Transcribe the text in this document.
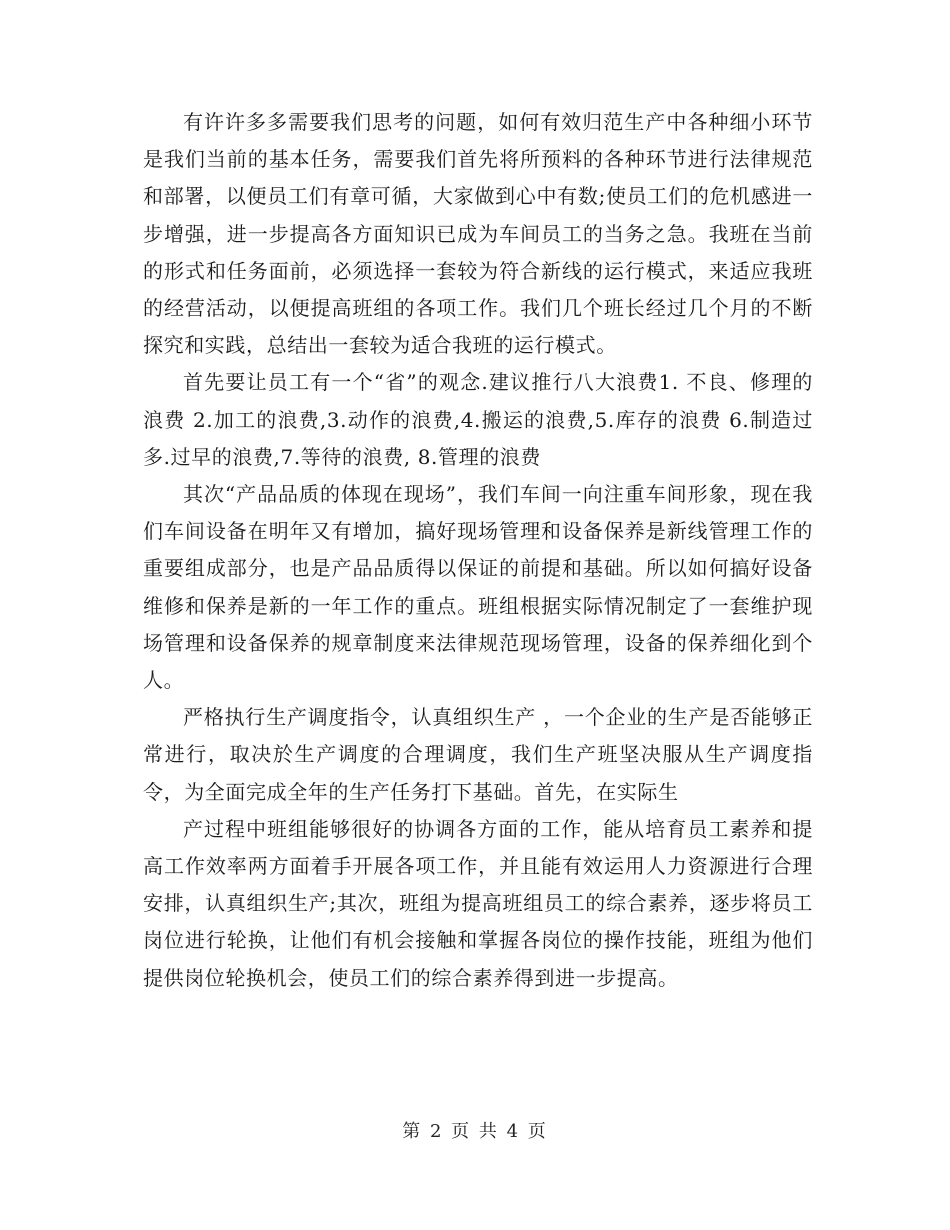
有许许多多需要我们思考的问题，如何有效归范生产中各种细小环节是我们当前的基本任务，需要我们首先将所预料的各种环节进行法律规范和部署，以便员工们有章可循，大家做到心中有数;使员工们的危机感进一步增强，进一步提高各方面知识已成为车间员工的当务之急。我班在当前的形式和任务面前，必须选择一套较为符合新线的运行模式，来适应我班的经营活动，以便提高班组的各项工作。我们几个班长经过几个月的不断探究和实践，总结出一套较为适合我班的运行模式。

首先要让员工有一个“省”的观念.建议推行八大浪费1. 不良、修理的浪费 2.加工的浪费,3.动作的浪费,4.搬运的浪费,5.库存的浪费 6.制造过多.过早的浪费,7.等待的浪费, 8.管理的浪费

其次“产品品质的体现在现场”，我们车间一向注重车间形象，现在我们车间设备在明年又有增加，搞好现场管理和设备保养是新线管理工作的重要组成部分，也是产品品质得以保证的前提和基础。所以如何搞好设备维修和保养是新的一年工作的重点。班组根据实际情况制定了一套维护现场管理和设备保养的规章制度来法律规范现场管理，设备的保养细化到个人。

严格执行生产调度指令，认真组织生产 ，一个企业的生产是否能够正常进行，取决於生产调度的合理调度，我们生产班坚决服从生产调度指令，为全面完成全年的生产任务打下基础。首先，在实际生

产过程中班组能够很好的协调各方面的工作，能从培育员工素养和提高工作效率两方面着手开展各项工作，并且能有效运用人力资源进行合理安排，认真组织生产;其次，班组为提高班组员工的综合素养，逐步将员工岗位进行轮换，让他们有机会接触和掌握各岗位的操作技能，班组为他们提供岗位轮换机会，使员工们的综合素养得到进一步提高。

第 2 页 共 4 页
